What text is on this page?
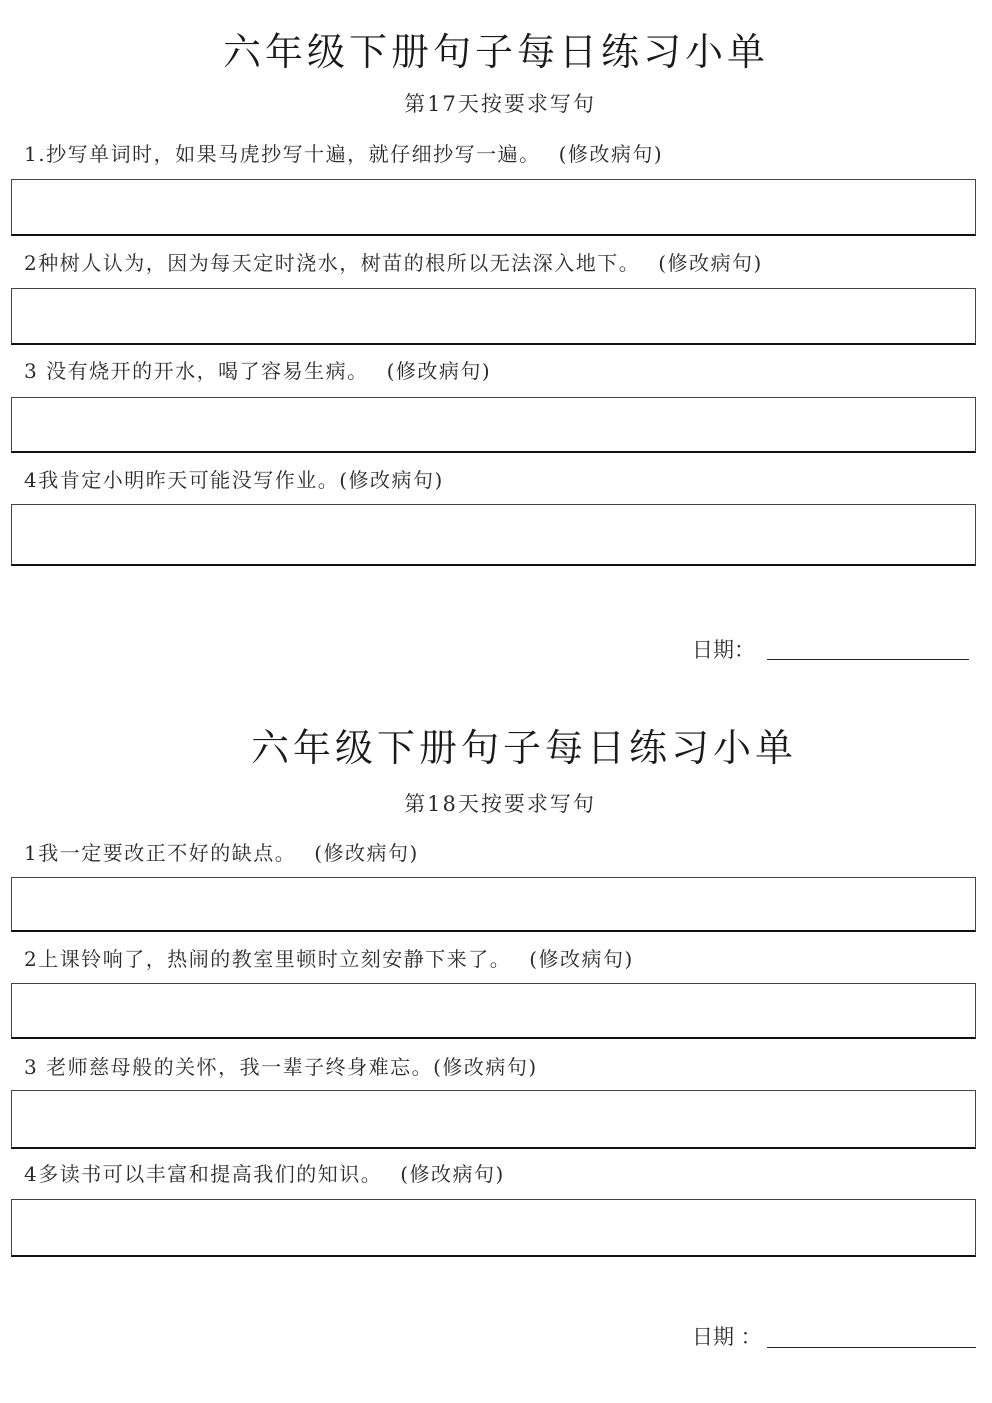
六年级下册句子每日练习小单
第17天按要求写句
1.抄写单词时，如果马虎抄写十遍，就仔细抄写一遍。 (修改病句)
2种树人认为，因为每天定时浇水，树苗的根所以无法深入地下。 (修改病句)
3 没有烧开的开水，喝了容易生病。 (修改病句)
4我肯定小明昨天可能没写作业。(修改病句)
日期：
六年级下册句子每日练习小单
第18天按要求写句
1我一定要改正不好的缺点。 (修改病句)
2上课铃响了，热闹的教室里顿时立刻安静下来了。 (修改病句)
3 老师慈母般的关怀，我一辈子终身难忘。(修改病句)
4多读书可以丰富和提高我们的知识。 (修改病句)
日期 ：
